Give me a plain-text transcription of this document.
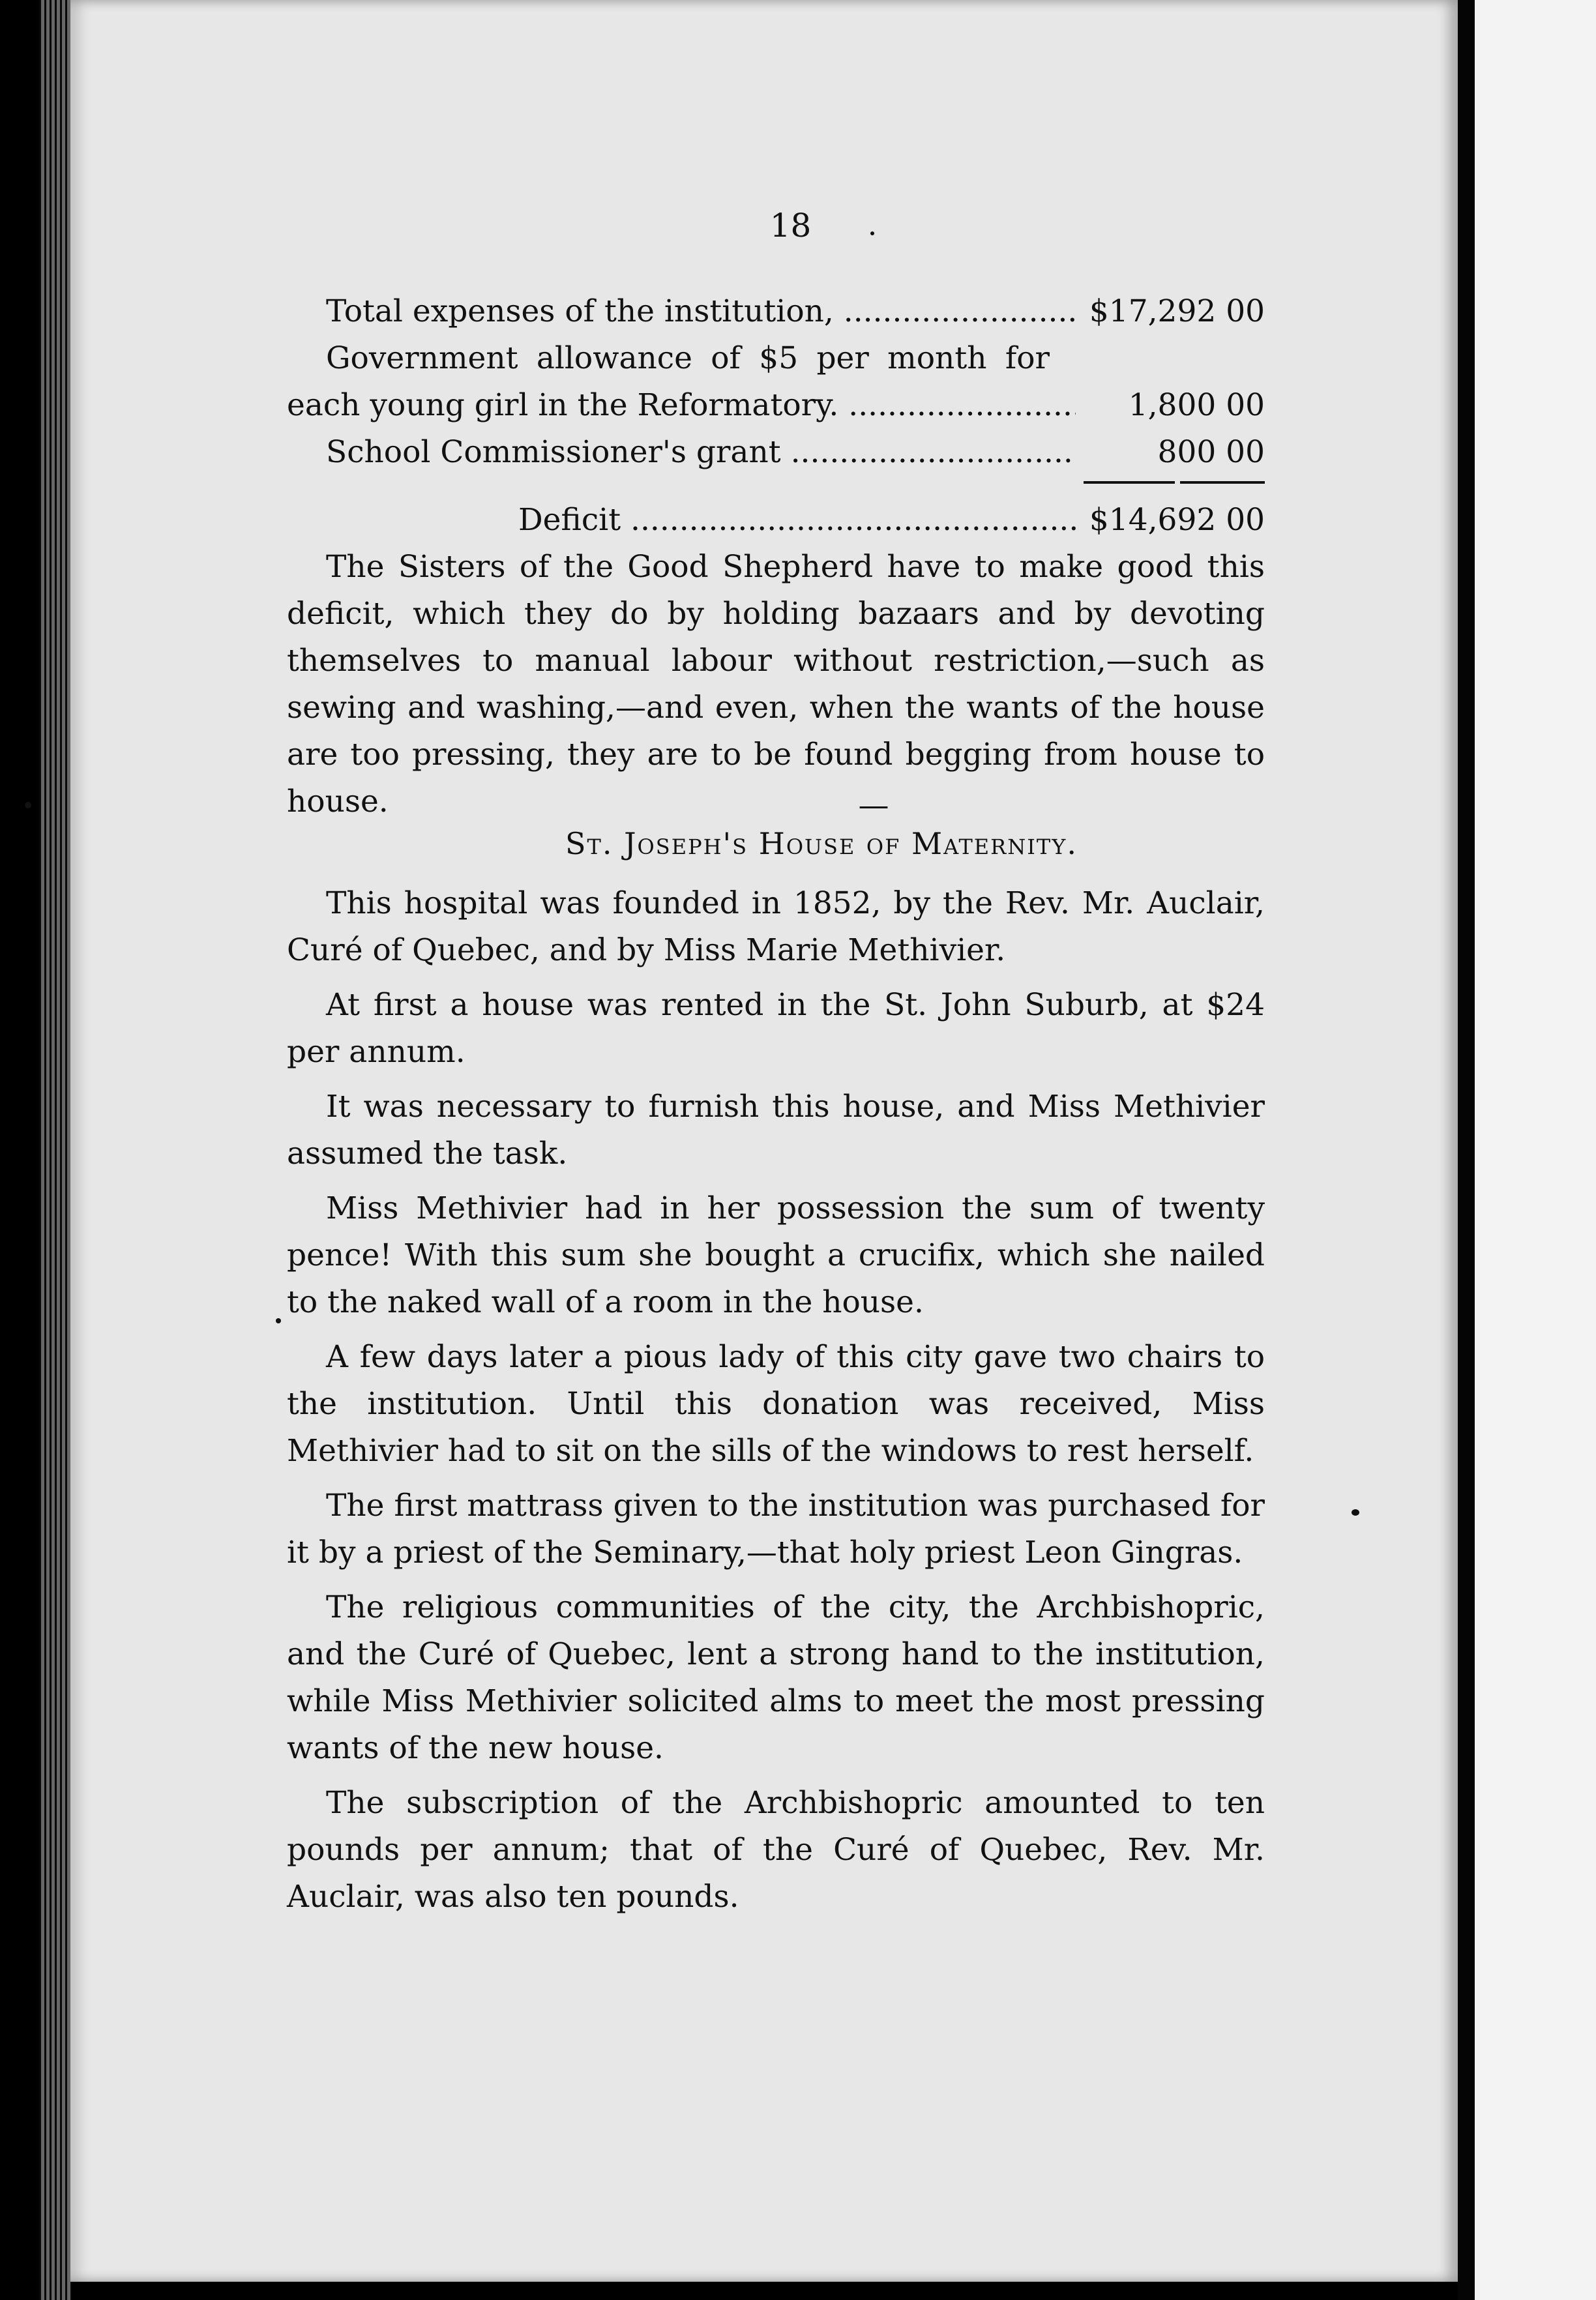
18
Total expenses of the institution, .....	$17,292 00
Government allowance of $5 per month for
each young girl in the Reformatory. .....	1,800 00
School Commissioner's grant .....	800 00
Deficit .....	$14,692 00

The Sisters of the Good Shepherd have to make good this deficit, which they do by holding bazaars and by devoting themselves to manual labour without restriction,—such as sewing and washing,—and even, when the wants of the house are too pressing, they are to be found begging from house to house.	—
St. Joseph's House of Maternity.

This hospital was founded in 1852, by the Rev. Mr. Auclair, Curé of Quebec, and by Miss Marie Methivier.

At first a house was rented in the St. John Suburb, at $24 per annum.

It was necessary to furnish this house, and Miss Methivier assumed the task.

Miss Methivier had in her possession the sum of twenty pence! With this sum she bought a crucifix, which she nailed to the naked wall of a room in the house.

A few days later a pious lady of this city gave two chairs to the institution. Until this donation was received, Miss Methivier had to sit on the sills of the windows to rest herself.

The first mattrass given to the institution was purchased for it by a priest of the Seminary,—that holy priest Leon Gingras.

The religious communities of the city, the Archbishopric, and the Curé of Quebec, lent a strong hand to the institution, while Miss Methivier solicited alms to meet the most pressing wants of the new house.

The subscription of the Archbishopric amounted to ten pounds per annum; that of the Curé of Quebec, Rev. Mr. Auclair, was also ten pounds.
